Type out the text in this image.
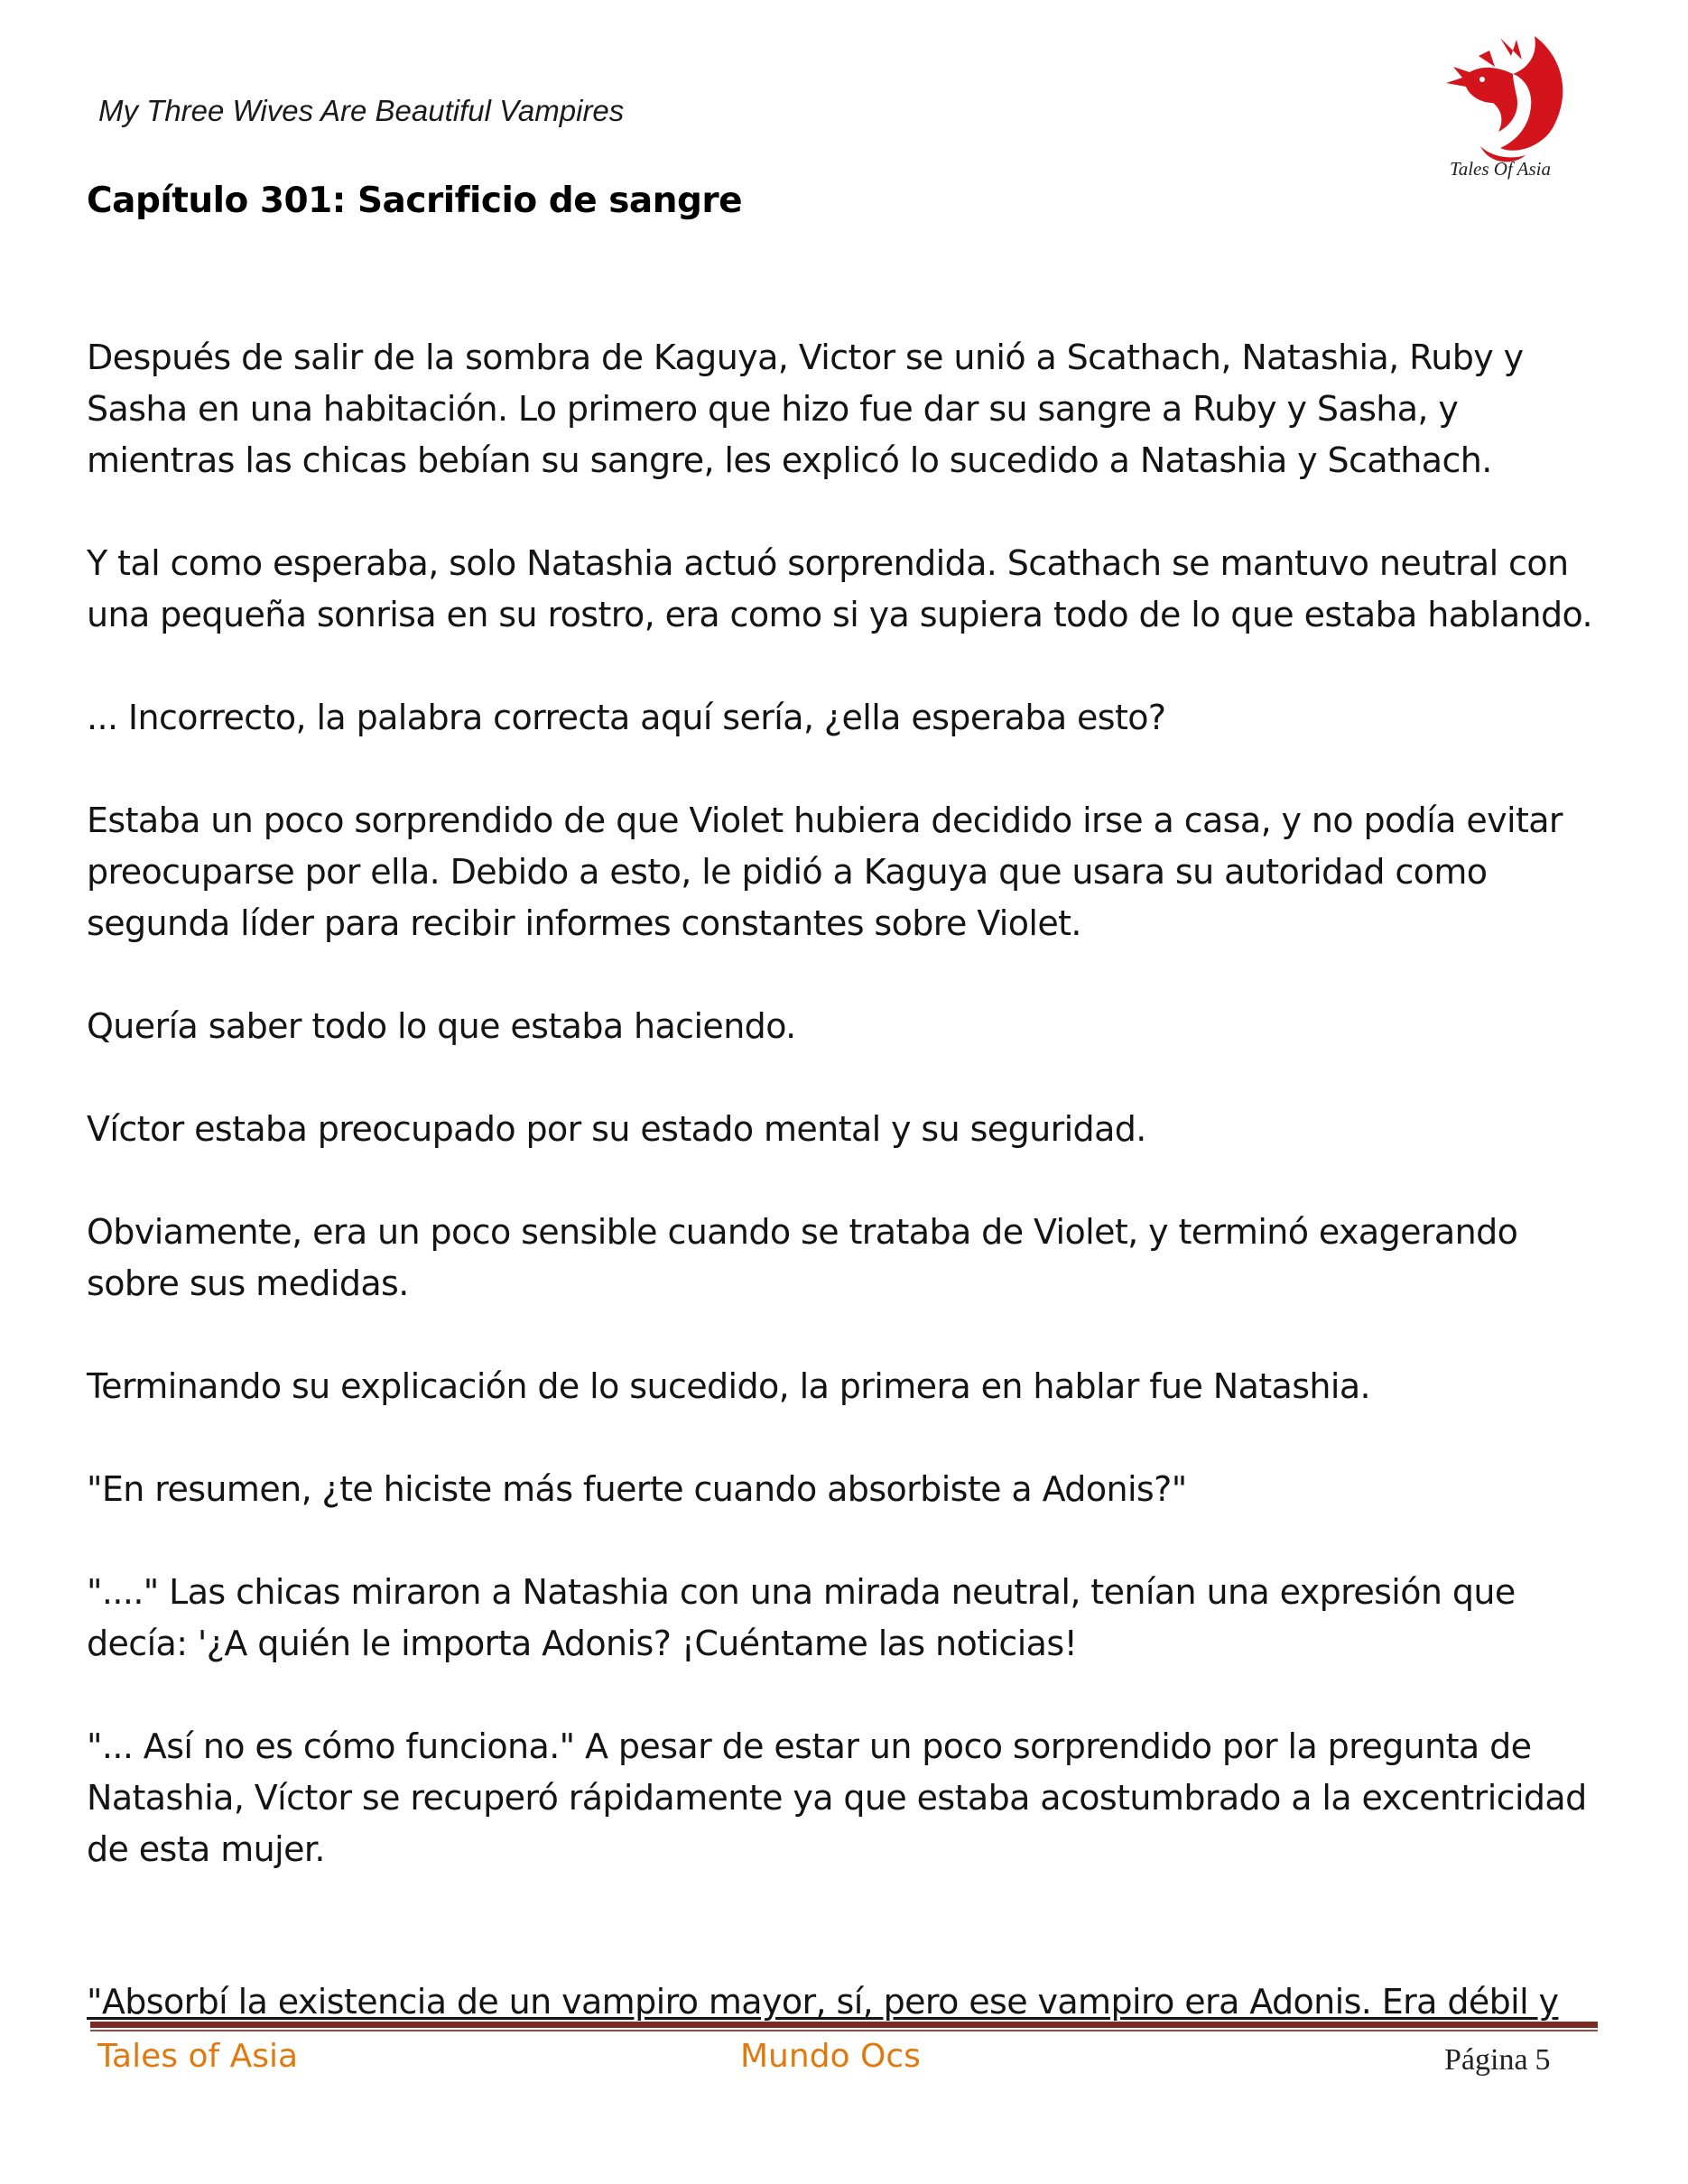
My Three Wives Are Beautiful Vampires
Tales Of Asia
Capítulo 301: Sacrificio de sangre

Después de salir de la sombra de Kaguya, Victor se unió a Scathach, Natashia, Ruby y Sasha en una habitación. Lo primero que hizo fue dar su sangre a Ruby y Sasha, y mientras las chicas bebían su sangre, les explicó lo sucedido a Natashia y Scathach.

Y tal como esperaba, solo Natashia actuó sorprendida. Scathach se mantuvo neutral con una pequeña sonrisa en su rostro, era como si ya supiera todo de lo que estaba hablando.

... Incorrecto, la palabra correcta aquí sería, ¿ella esperaba esto?

Estaba un poco sorprendido de que Violet hubiera decidido irse a casa, y no podía evitar preocuparse por ella. Debido a esto, le pidió a Kaguya que usara su autoridad como segunda líder para recibir informes constantes sobre Violet.

Quería saber todo lo que estaba haciendo.

Víctor estaba preocupado por su estado mental y su seguridad.

Obviamente, era un poco sensible cuando se trataba de Violet, y terminó exagerando sobre sus medidas.

Terminando su explicación de lo sucedido, la primera en hablar fue Natashia.

"En resumen, ¿te hiciste más fuerte cuando absorbiste a Adonis?"

"...." Las chicas miraron a Natashia con una mirada neutral, tenían una expresión que decía: '¿A quién le importa Adonis? ¡Cuéntame las noticias!

"... Así no es cómo funciona." A pesar de estar un poco sorprendido por la pregunta de Natashia, Víctor se recuperó rápidamente ya que estaba acostumbrado a la excentricidad de esta mujer.

"Absorbí la existencia de un vampiro mayor, sí, pero ese vampiro era Adonis. Era débil y

Tales of Asia	Mundo Ocs	Página 5
